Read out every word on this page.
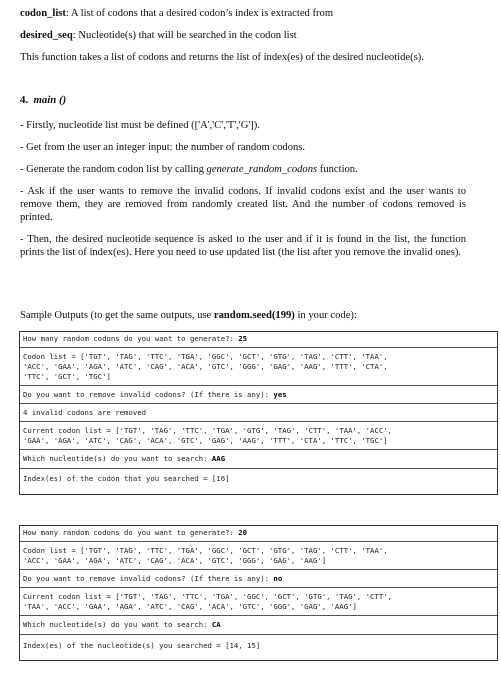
codon_list: A list of codons that a desired codon’s index is extracted from
desired_seq: Nucleotide(s) that will be searched in the codon list
This function takes a list of codons and returns the list of index(es) of the desired nucleotide(s).
4. main ()
- Firstly, nucleotide list must be defined (['A','C','T','G']).
- Get from the user an integer input: the number of random codons.
- Generate the random codon list by calling generate_random_codons function.
- Ask if the user wants to remove the invalid codons. If invalid codons exist and the user wants to remove them, they are removed from randomly created list. And the number of codons removed is printed.
- Then, the desired nucleotide sequence is asked to the user and if it is found in the list, the function prints the list of index(es). Here you need to use updated list (the list after you remove the invalid ones).
Sample Outputs (to get the same outputs, use random.seed(199) in your code):
How many random codons do you want to generate?: 25
Codon list = ['TGT', 'TAG', 'TTC', 'TGA', 'GGC', 'GCT', 'GTG', 'TAG', 'CTT', 'TAA',
'ACC', 'GAA', 'AGA', 'ATC', 'CAG', 'ACA', 'GTC', 'GGG', 'GAG', 'AAG', 'TTT', 'CTA',
'TTC', 'GCT', 'TGC']
Do you want to remove invalid codons? (If there is any): yes
4 invalid codons are removed
Current codon list = ['TGT', 'TAG', 'TTC', 'TGA', 'GTG', 'TAG', 'CTT', 'TAA', 'ACC',
'GAA', 'AGA', 'ATC', 'CAG', 'ACA', 'GTC', 'GAG', 'AAG', 'TTT', 'CTA', 'TTC', 'TGC']
Which nucleotide(s) do you want to search: AAG
Index(es) of the codon that you searched = [16]
How many random codons do you want to generate?: 20
Codon list = ['TGT', 'TAG', 'TTC', 'TGA', 'GGC', 'GCT', 'GTG', 'TAG', 'CTT', 'TAA',
'ACC', 'GAA', 'AGA', 'ATC', 'CAG', 'ACA', 'GTC', 'GGG', 'GAG', 'AAG']
Do you want to remove invalid codons? (If there is any): no
Current codon list = ['TGT', 'TAG', 'TTC', 'TGA', 'GGC', 'GCT', 'GTG', 'TAG', 'CTT',
'TAA', 'ACC', 'GAA', 'AGA', 'ATC', 'CAG', 'ACA', 'GTC', 'GGG', 'GAG', 'AAG']
Which nucleotide(s) do you want to search: CA
Index(es) of the nucleotide(s) you searched = [14, 15]
